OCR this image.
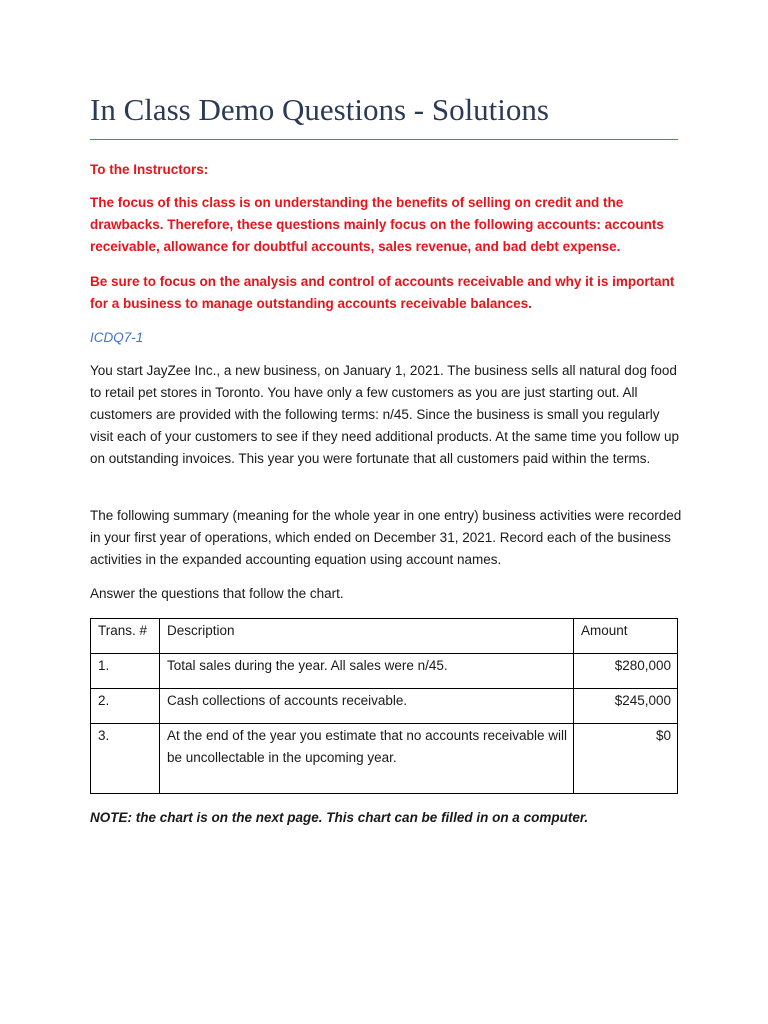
In Class Demo Questions - Solutions

To the Instructors:

The focus of this class is on understanding the benefits of selling on credit and the drawbacks. Therefore, these questions mainly focus on the following accounts: accounts receivable, allowance for doubtful accounts, sales revenue, and bad debt expense.

Be sure to focus on the analysis and control of accounts receivable and why it is important for a business to manage outstanding accounts receivable balances.

ICDQ7-1

You start JayZee Inc., a new business, on January 1, 2021. The business sells all natural dog food to retail pet stores in Toronto. You have only a few customers as you are just starting out. All customers are provided with the following terms: n/45. Since the business is small you regularly visit each of your customers to see if they need additional products. At the same time you follow up on outstanding invoices. This year you were fortunate that all customers paid within the terms.

The following summary (meaning for the whole year in one entry) business activities were recorded in your first year of operations, which ended on December 31, 2021. Record each of the business activities in the expanded accounting equation using account names.

Answer the questions that follow the chart.

Trans. #	Description	Amount
1.	Total sales during the year. All sales were n/45.	$280,000
2.	Cash collections of accounts receivable.	$245,000
3.	At the end of the year you estimate that no accounts receivable will be uncollectable in the upcoming year.	$0

NOTE: the chart is on the next page. This chart can be filled in on a computer.
